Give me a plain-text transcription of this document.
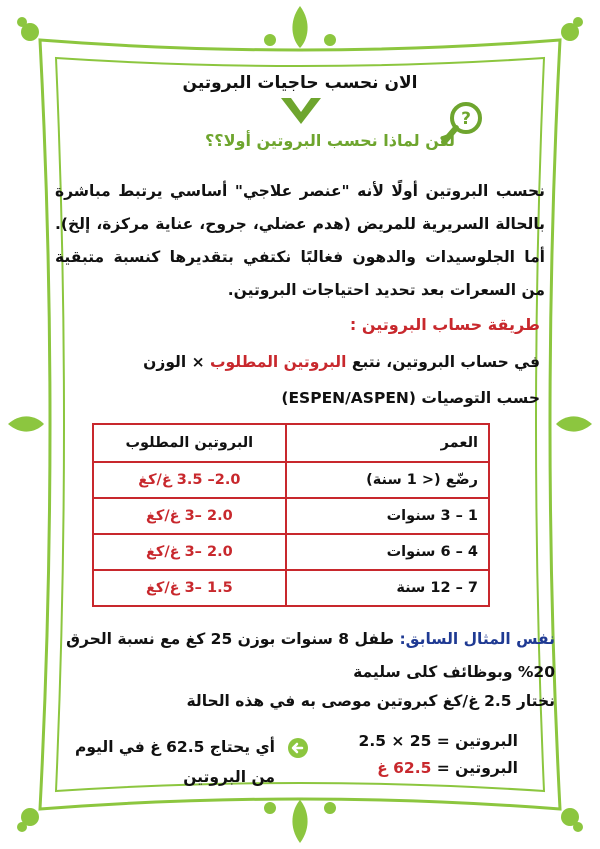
الان نحسب حاجيات البروتين
?
لكن لماذا نحسب البروتين أولا؟؟
نحسب البروتين أولًا لأنه "عنصر علاجي" أساسي يرتبط مباشرة بالحالة السريرية للمريض (هدم عضلي، جروح، عناية مركزة، إلخ). أما الجلوسيدات والدهون فغالبًا نكتفي بتقديرها كنسبة متبقية من السعرات بعد تحديد احتياجات البروتين.
طريقة حساب البروتين :
في حساب البروتين، نتبع البروتين المطلوب × الوزن
حسب التوصيات (ESPEN/ASPEN)
العمر	البروتين المطلوب
رضّع (< 1 سنة)	2.0– 3.5 غ/كغ
1 – 3 سنوات	2.0 –3 غ/كغ
4 – 6 سنوات	2.0 –3 غ/كغ
7 – 12 سنة	1.5 –3 غ/كغ
نفس المثال السابق: طفل 8 سنوات بوزن 25 كغ مع نسبة الحرق 20% وبوظائف كلى سليمة
نختار 2.5 غ/كغ كبروتين موصى به في هذه الحالة
البروتين = 25 × 2.5
البروتين = 62.5 غ
أي يحتاج 62.5 غ في اليوم من البروتين
